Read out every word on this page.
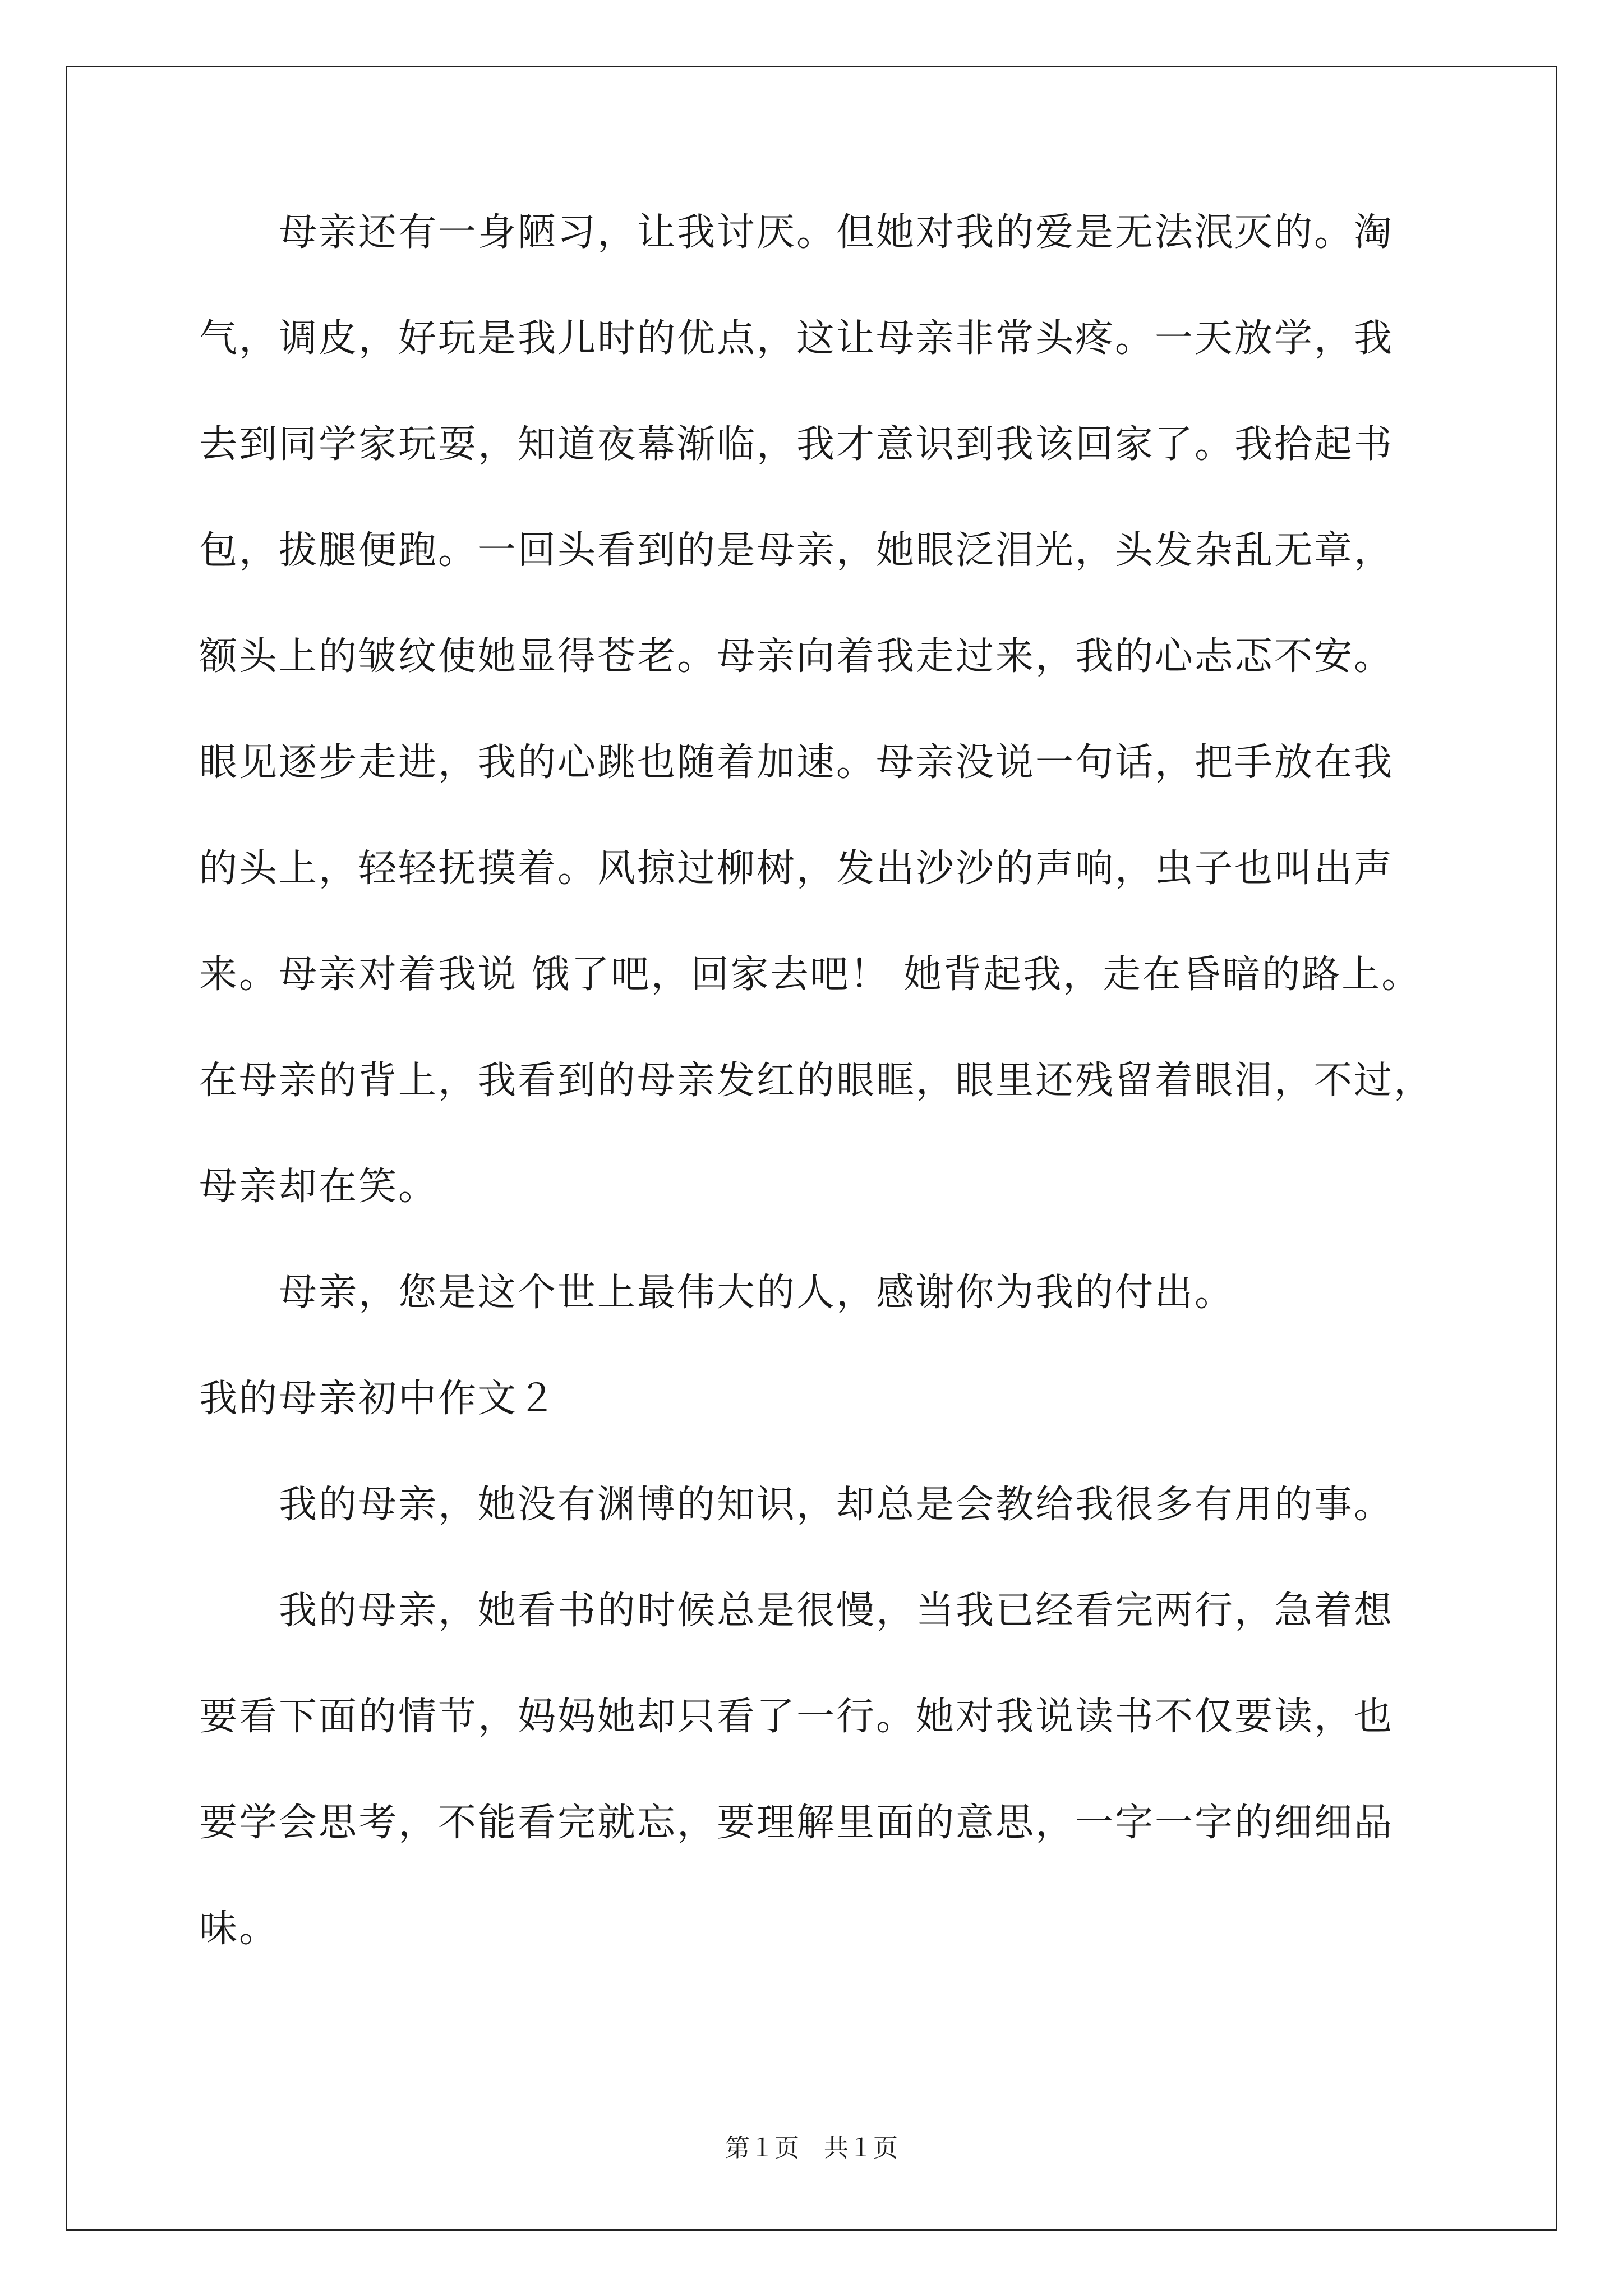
　　母亲还有一身陋习，让我讨厌。但她对我的爱是无法泯灭的。淘
气，调皮，好玩是我儿时的优点，这让母亲非常头疼。一天放学，我
去到同学家玩耍，知道夜幕渐临，我才意识到我该回家了。我拾起书
包，拔腿便跑。一回头看到的是母亲，她眼泛泪光，头发杂乱无章，
额头上的皱纹使她显得苍老。母亲向着我走过来，我的心忐忑不安。
眼见逐步走进，我的心跳也随着加速。母亲没说一句话，把手放在我
的头上，轻轻抚摸着。风掠过柳树，发出沙沙的声响，虫子也叫出声
来。母亲对着我说 饿了吧，回家去吧！ 她背起我，走在昏暗的路上。
在母亲的背上，我看到的母亲发红的眼眶，眼里还残留着眼泪，不过，
母亲却在笑。
　　母亲，您是这个世上最伟大的人，感谢你为我的付出。
我的母亲初中作文２
　　我的母亲，她没有渊博的知识，却总是会教给我很多有用的事。
　　我的母亲，她看书的时候总是很慢，当我已经看完两行，急着想
要看下面的情节，妈妈她却只看了一行。她对我说读书不仅要读，也
要学会思考，不能看完就忘，要理解里面的意思，一字一字的细细品
味。
第１页　共１页
